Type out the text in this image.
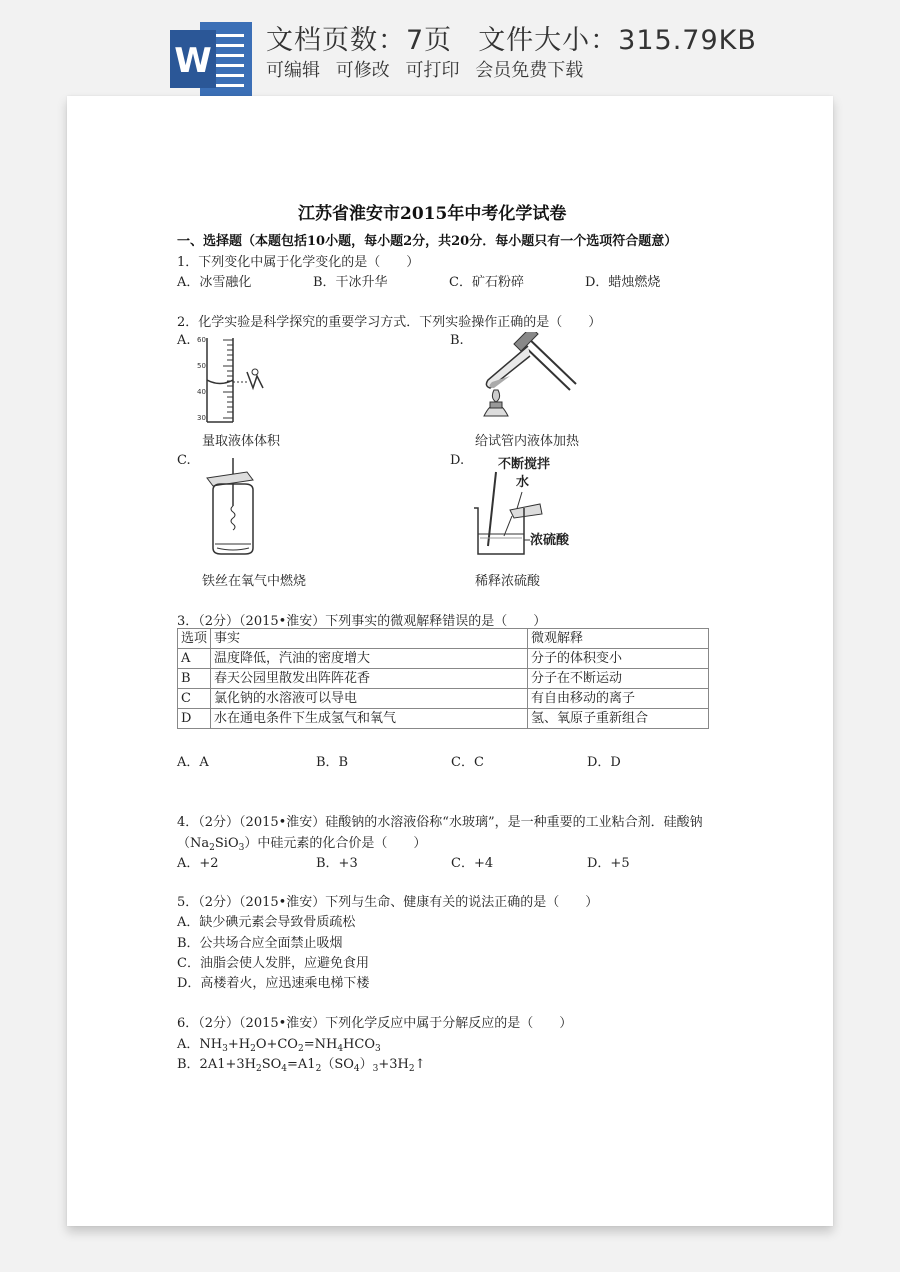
W
文档页数：7页 文件大小：315.79KB
可编辑 可修改 可打印 会员免费下载
江苏省淮安市2015年中考化学试卷
一、选择题（本题包括10小题，每小题2分，共20分．每小题只有一个选项符合题意）
1．下列变化中属于化学变化的是（　　）
A．冰雪融化	B．干冰升华	C．矿石粉碎	D．蜡烛燃烧
2．化学实验是科学探究的重要学习方式．下列实验操作正确的是（　　）
A.	B.
C.	D.
60
50
40
30
量取液体体积	给试管内液体加热
铁丝在氧气中燃烧
不断搅拌
水
浓硫酸
稀释浓硫酸
3．（2分）（2015•淮安）下列事实的微观解释错误的是（　　）
选项	事实	微观解释
A	温度降低，汽油的密度增大	分子的体积变小
B	春天公园里散发出阵阵花香	分子在不断运动
C	氯化钠的水溶液可以导电	有自由移动的离子
D	水在通电条件下生成氢气和氧气	氢、氧原子重新组合
A．A	B．B	C．C	D．D
4．（2分）（2015•淮安）硅酸钠的水溶液俗称“水玻璃”，是一种重要的工业粘合剂．硅酸钠
$(Na_2SiO_3)$中硅元素的化合价是（　　）
A．+2	B．+3	C．+4	D．+5
5．（2分）（2015•淮安）下列与生命、健康有关的说法正确的是（　　）
A．缺少碘元素会导致骨质疏松
B．公共场合应全面禁止吸烟
C．油脂会使人发胖，应避免食用
D．高楼着火，应迅速乘电梯下楼
6．（2分）（2015•淮安）下列化学反应中属于分解反应的是（　　）
A．$NH_3+H_2O+CO_2=NH_4HCO_3$
B．$2A1+3H_2SO_4=A1_2(SO_4)_3+3H_2↑$
